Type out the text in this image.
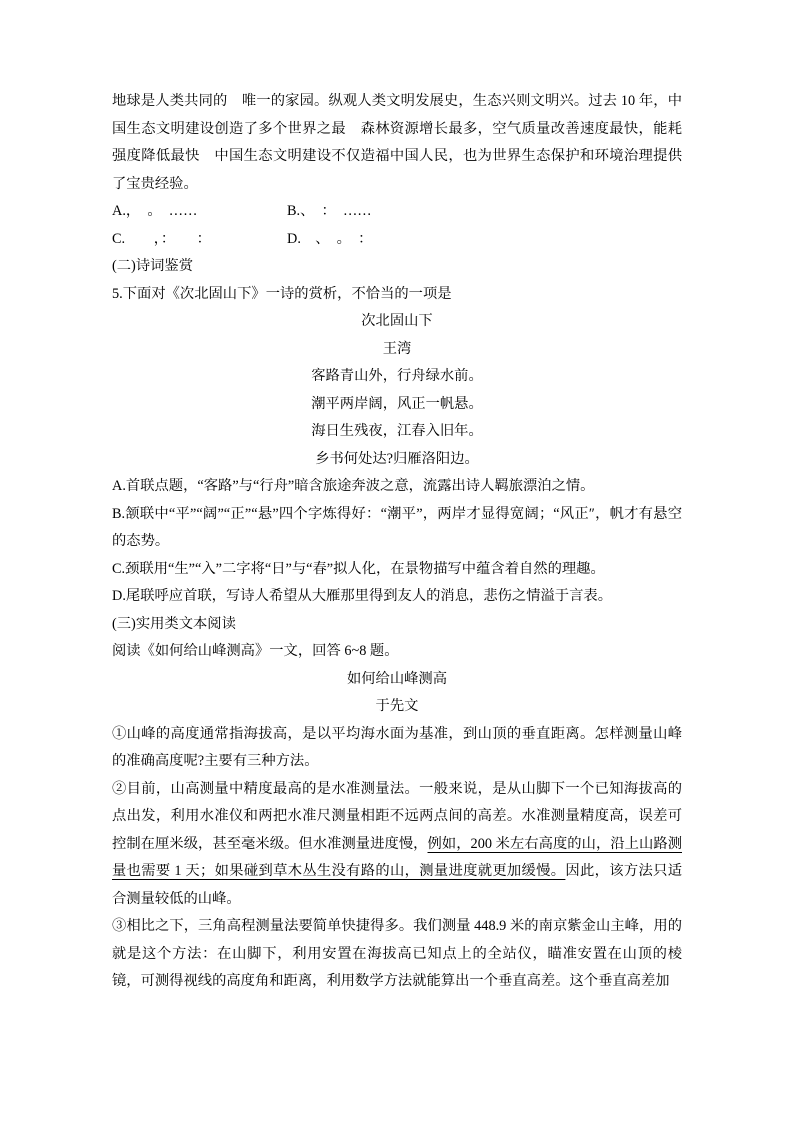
地球是人类共同的　唯一的家园。纵观人类文明发展史，生态兴则文明兴。过去 10 年，中国生态文明建设创造了多个世界之最　森林资源增长最多，空气质量改善速度最快，能耗强度降低最快　中国生态文明建设不仅造福中国人民，也为世界生态保护和环境治理提供了宝贵经验。
A.，　。　……	B.、　：　……
C.　　，：　　：	D.　、　。　：
(二)诗词鉴赏
5.下面对《次北固山下》一诗的赏析，不恰当的一项是
次北固山下
王湾
客路青山外，行舟绿水前。
潮平两岸阔，风正一帆悬。
海日生残夜，江春入旧年。
乡书何处达?归雁洛阳边。
A.首联点题，“客路”与“行舟”暗含旅途奔波之意，流露出诗人羁旅漂泊之情。
B.颔联中“平”“阔”“正”“悬”四个字炼得好：“潮平”，两岸才显得宽阔；“风正″，帆才有悬空的态势。
C.颈联用“生”“入”二字将“日”与“春”拟人化，在景物描写中蕴含着自然的理趣。
D.尾联呼应首联，写诗人希望从大雁那里得到友人的消息，悲伤之情溢于言表。
(三)实用类文本阅读
阅读《如何给山峰测高》一文，回答 6~8 题。
如何给山峰测高
于先文
①山峰的高度通常指海拔高，是以平均海水面为基准，到山顶的垂直距离。怎样测量山峰的准确高度呢?主要有三种方法。
②目前，山高测量中精度最高的是水准测量法。一般来说，是从山脚下一个已知海拔高的点出发，利用水准仪和两把水准尺测量相距不远两点间的高差。水准测量精度高，误差可控制在厘米级，甚至毫米级。但水准测量进度慢，例如，200 米左右高度的山，沿上山路测量也需要 1 天；如果碰到草木丛生没有路的山，测量进度就更加缓慢。因此，该方法只适合测量较低的山峰。
③相比之下，三角高程测量法要简单快捷得多。我们测量 448.9 米的南京紫金山主峰，用的就是这个方法：在山脚下，利用安置在海拔高已知点上的全站仪，瞄准安置在山顶的棱镜，可测得视线的高度角和距离，利用数学方法就能算出一个垂直高差。这个垂直高差加
